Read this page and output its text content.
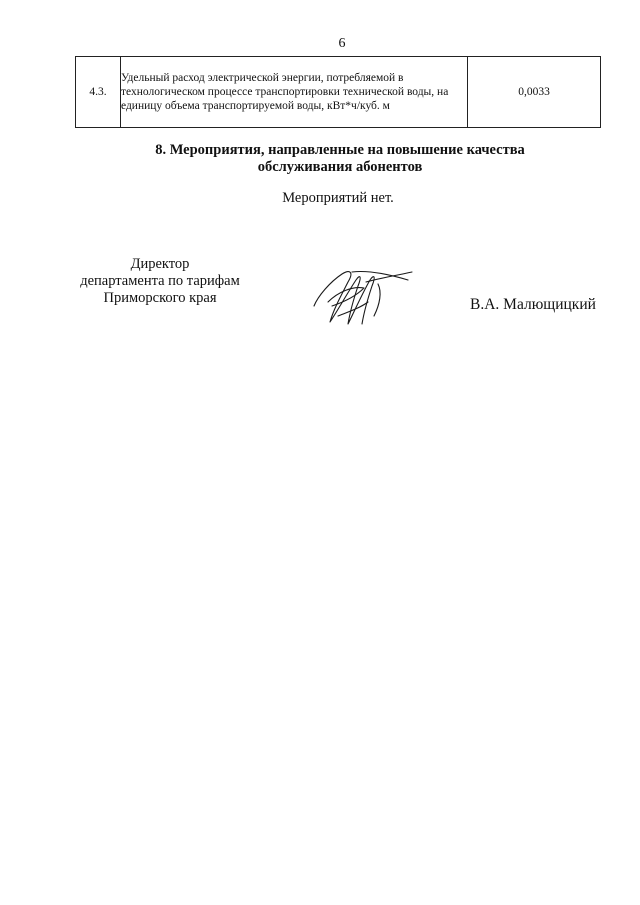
6
4.3.	Удельный расход электрической энергии, потребляемой в технологическом процессе транспортировки технической воды, на единицу объема транспортируемой воды, кВт*ч/куб. м	0,0033
8. Мероприятия, направленные на повышение качества
обслуживания абонентов
Мероприятий нет.
Директор
департамента по тарифам
Приморского края	В.А. Малющицкий
